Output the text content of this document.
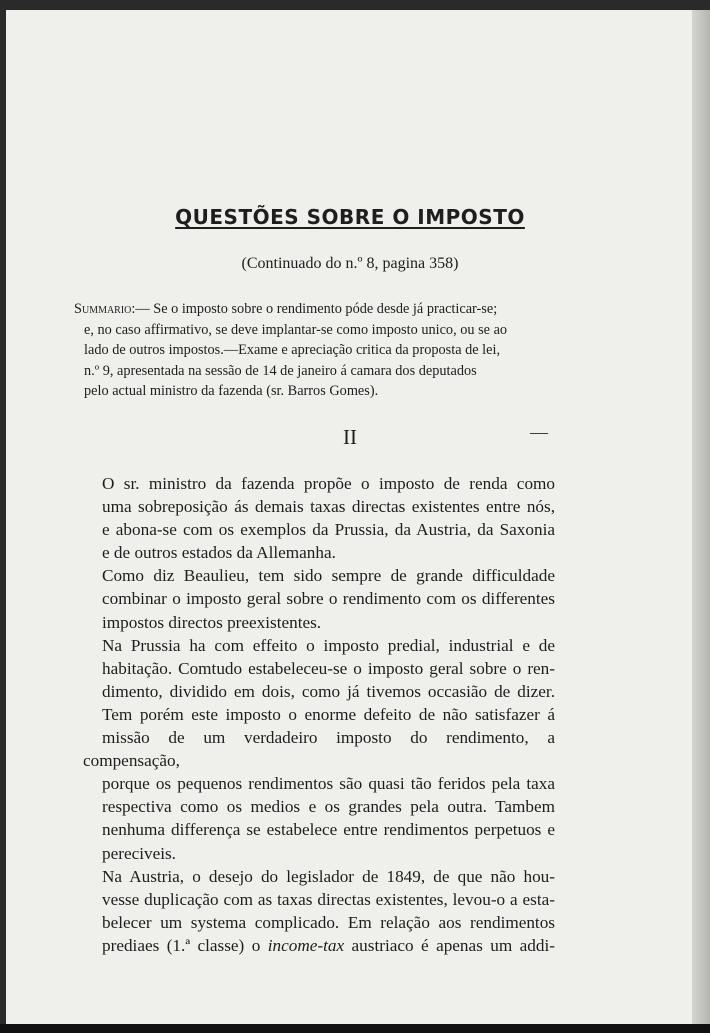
QUESTÕES SOBRE O IMPOSTO
(Continuado do n.º 8, pagina 358)

Summario:— Se o imposto sobre o rendimento póde desde já practicar-se;

e, no caso affirmativo, se deve implantar-se como imposto unico, ou se ao

lado de outros impostos.—Exame e apreciação critica da proposta de lei,

n.º 9, apresentada na sessão de 14 de janeiro á camara dos deputados

pelo actual ministro da fazenda (sr. Barros Gomes).

II	—

O sr. ministro da fazenda propõe o imposto de renda como
uma sobreposição ás demais taxas directas existentes entre nós,
e abona-se com os exemplos da Prussia, da Austria, da Saxonia
e de outros estados da Allemanha.

Como diz Beaulieu, tem sido sempre de grande difficuldade
combinar o imposto geral sobre o rendimento com os differentes
impostos directos preexistentes.

Na Prussia ha com effeito o imposto predial, industrial e de
habitação. Comtudo estabeleceu-se o imposto geral sobre o ren-
dimento, dividido em dois, como já tivemos occasião de dizer.
Tem porém este imposto o enorme defeito de não satisfazer á
missão de um verdadeiro imposto do rendimento, a compensação,
porque os pequenos rendimentos são quasi tão feridos pela taxa
respectiva como os medios e os grandes pela outra. Tambem
nenhuma differença se estabelece entre rendimentos perpetuos e
pereciveis.

Na Austria, o desejo do legislador de 1849, de que não hou-
vesse duplicação com as taxas directas existentes, levou-o a esta-
belecer um systema complicado. Em relação aos rendimentos
prediaes (1.ª classe) o income-tax austriaco é apenas um addi-
